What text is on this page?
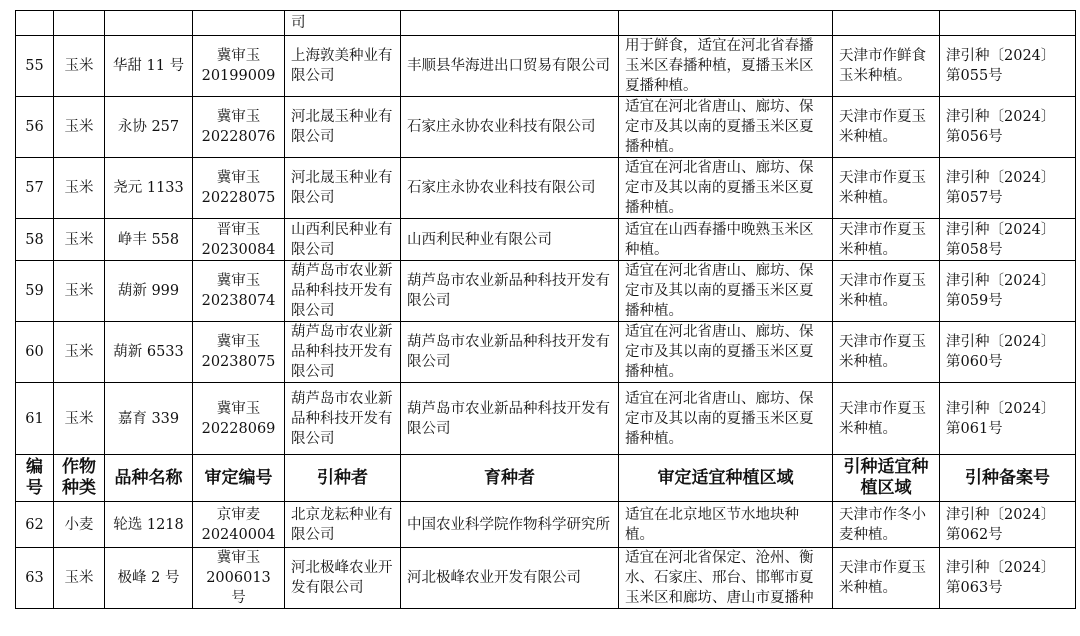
				司				
55	玉米	华甜 11 号	冀审玉20199009	上海敦美种业有限公司	丰顺县华海进出口贸易有限公司	用于鲜食，适宜在河北省春播玉米区春播种植，夏播玉米区夏播种植。	天津市作鲜食玉米种植。	津引种〔2024〕第055号
56	玉米	永协 257	冀审玉20228076	河北晟玉种业有限公司	石家庄永协农业科技有限公司	适宜在河北省唐山、廊坊、保定市及其以南的夏播玉米区夏播种植。	天津市作夏玉米种植。	津引种〔2024〕第056号
57	玉米	尧元 1133	冀审玉20228075	河北晟玉种业有限公司	石家庄永协农业科技有限公司	适宜在河北省唐山、廊坊、保定市及其以南的夏播玉米区夏播种植。	天津市作夏玉米种植。	津引种〔2024〕第057号
58	玉米	峥丰 558	晋审玉20230084	山西利民种业有限公司	山西利民种业有限公司	适宜在山西春播中晚熟玉米区种植。	天津市作夏玉米种植。	津引种〔2024〕第058号
59	玉米	葫新 999	冀审玉20238074	葫芦岛市农业新品种科技开发有限公司	葫芦岛市农业新品种科技开发有限公司	适宜在河北省唐山、廊坊、保定市及其以南的夏播玉米区夏播种植。	天津市作夏玉米种植。	津引种〔2024〕第059号
60	玉米	葫新 6533	冀审玉20238075	葫芦岛市农业新品种科技开发有限公司	葫芦岛市农业新品种科技开发有限公司	适宜在河北省唐山、廊坊、保定市及其以南的夏播玉米区夏播种植。	天津市作夏玉米种植。	津引种〔2024〕第060号
61	玉米	嘉育 339	冀审玉20228069	葫芦岛市农业新品种科技开发有限公司	葫芦岛市农业新品种科技开发有限公司	适宜在河北省唐山、廊坊、保定市及其以南的夏播玉米区夏播种植。	天津市作夏玉米种植。	津引种〔2024〕第061号
编号	作物种类	品种名称	审定编号	引种者	育种者	审定适宜种植区域	引种适宜种植区域	引种备案号
62	小麦	轮选 1218	京审麦20240004	北京龙耘种业有限公司	中国农业科学院作物科学研究所	适宜在北京地区节水地块种植。	天津市作冬小麦种植。	津引种〔2024〕第062号
63	玉米	极峰 2 号	冀审玉2006013号	河北极峰农业开发有限公司	河北极峰农业开发有限公司	适宜在河北省保定、沧州、衡水、石家庄、邢台、邯郸市夏玉米区和廊坊、唐山市夏播种	天津市作夏玉米种植。	津引种〔2024〕第063号
